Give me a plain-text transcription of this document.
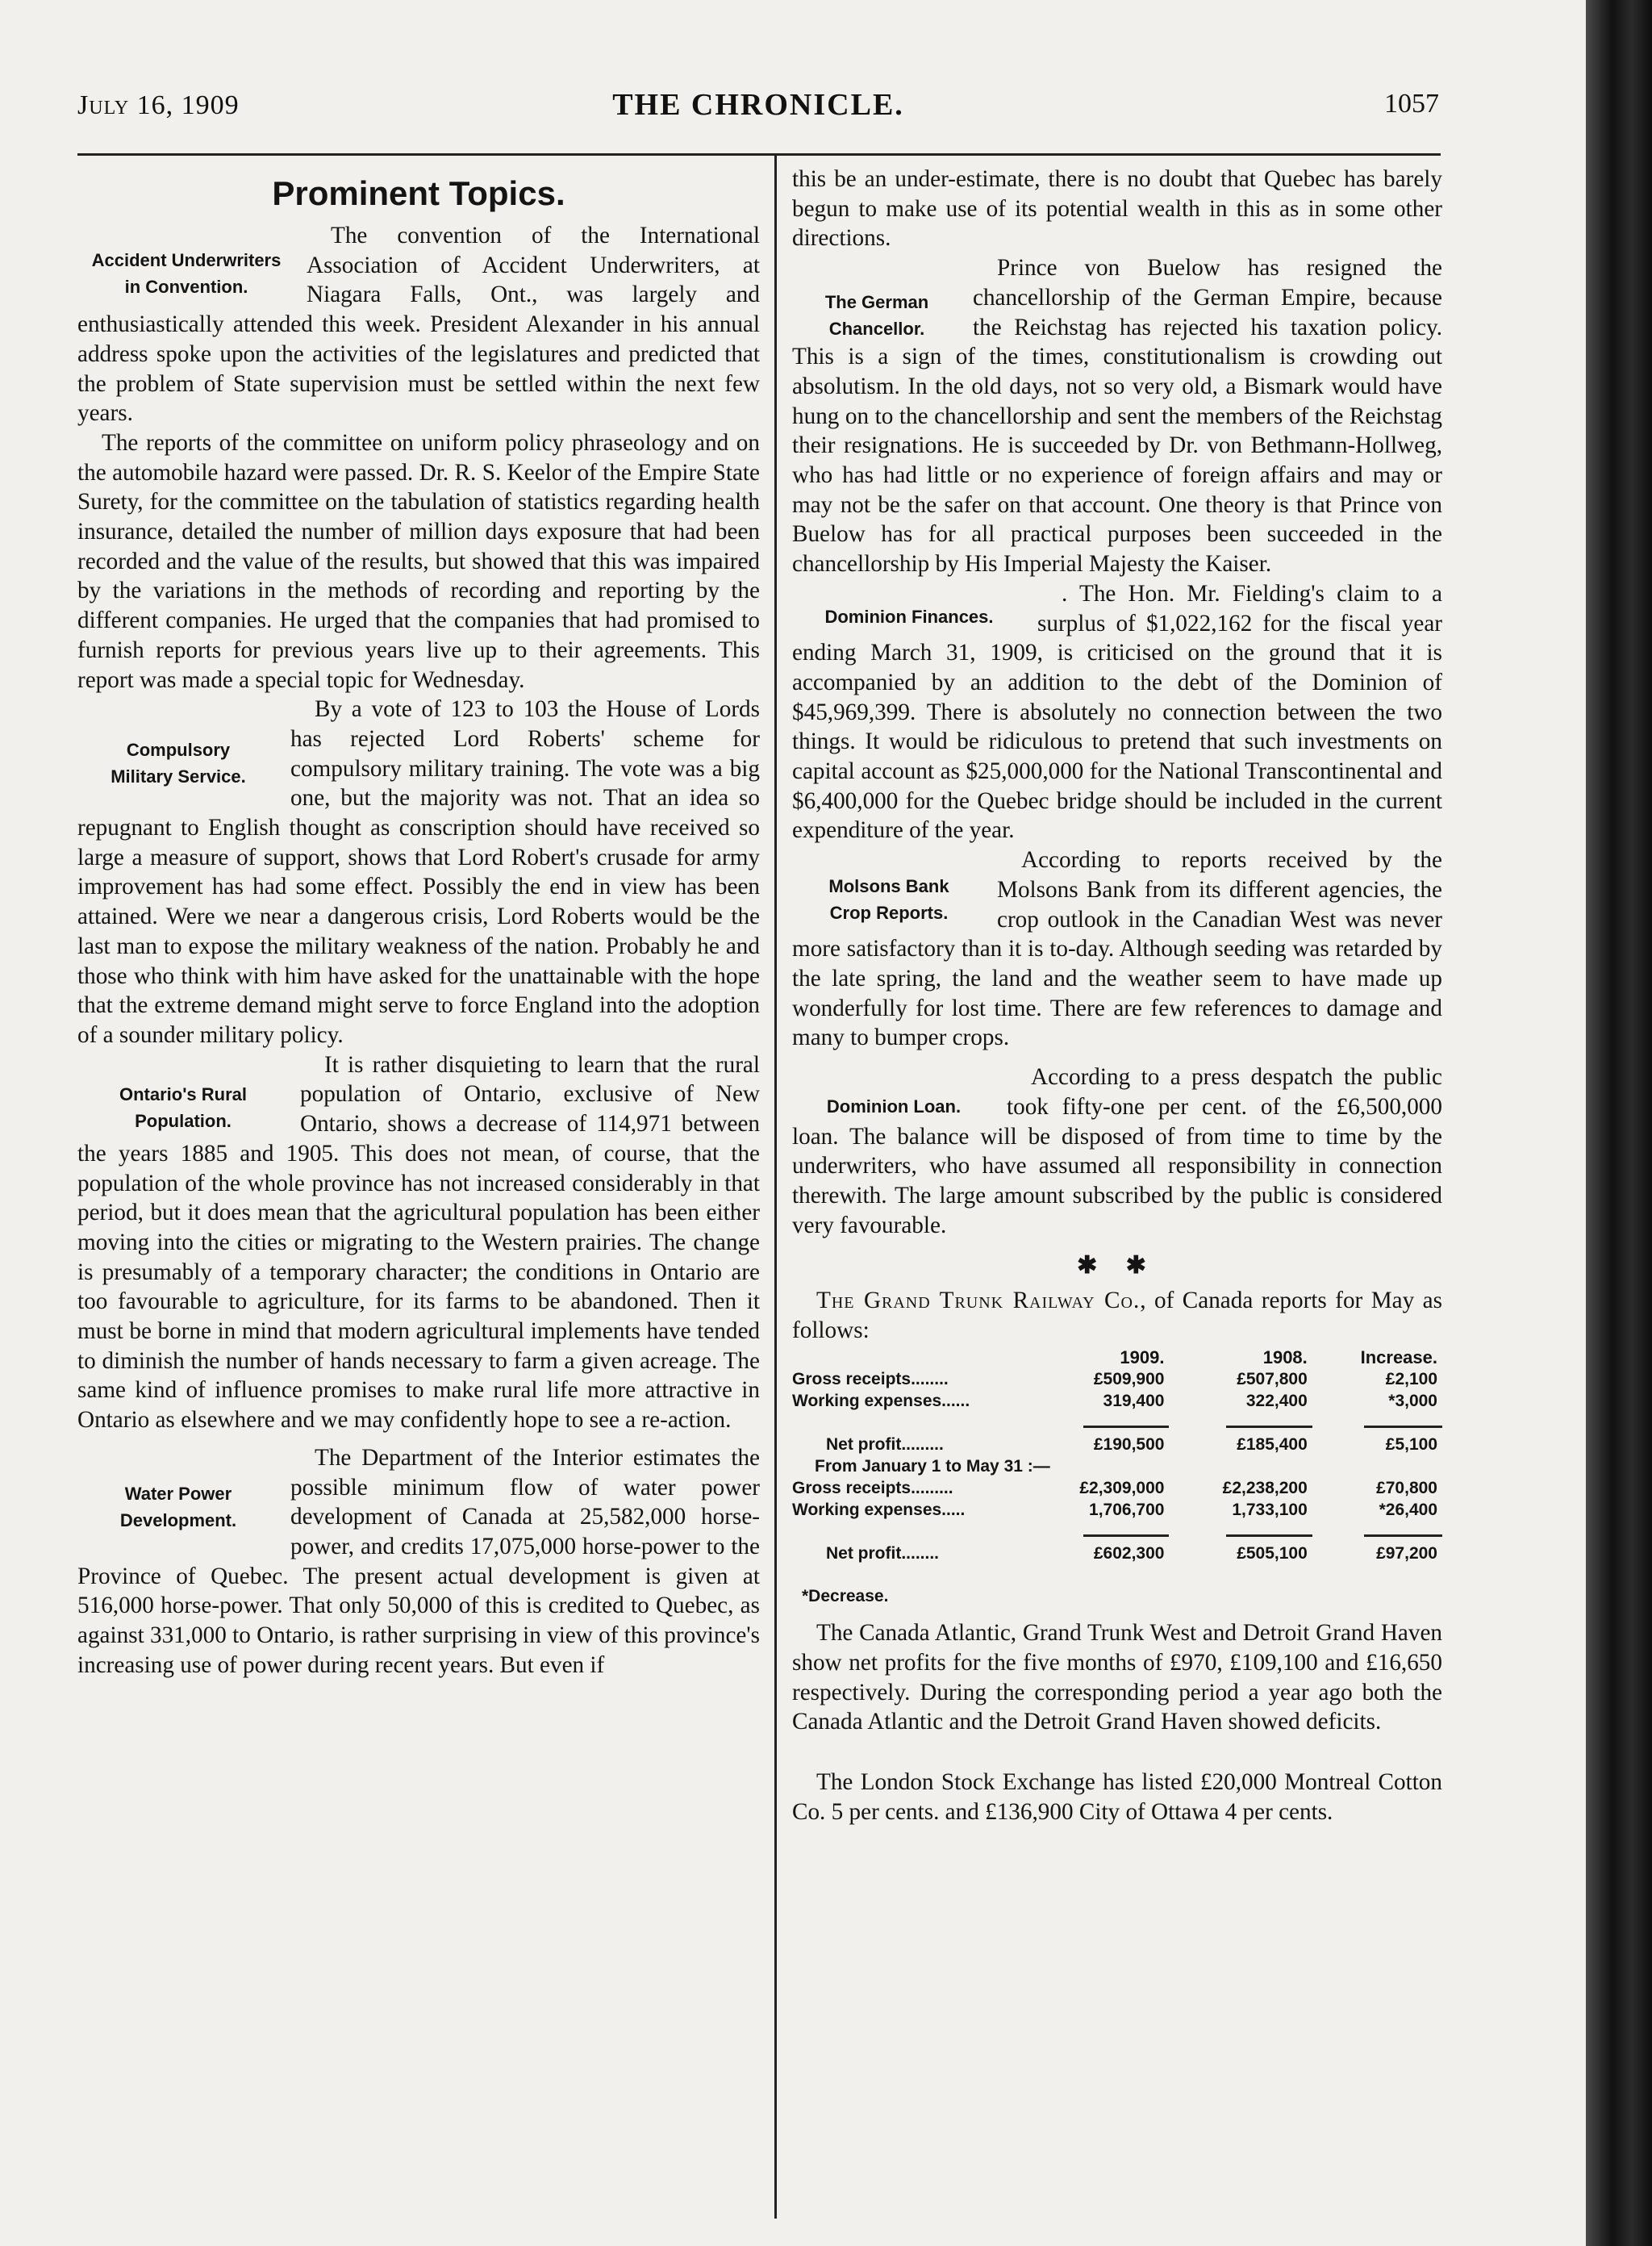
July 16, 1909	THE CHRONICLE.	1057
Prominent Topics.
Accident Underwriters
in Convention.

The convention of the International Association of Accident Underwriters, at Niagara Falls, Ont., was largely and enthusiastically attended this week. President Alexander in his annual address spoke upon the activities of the legislatures and predicted that the problem of State supervision must be settled within the next few years.

The reports of the committee on uniform policy phraseology and on the automobile hazard were passed. Dr. R. S. Keelor of the Empire State Surety, for the committee on the tabulation of statistics regarding health insurance, detailed the number of million days exposure that had been recorded and the value of the results, but showed that this was impaired by the variations in the methods of recording and reporting by the different companies. He urged that the companies that had promised to furnish reports for previous years live up to their agreements. This report was made a special topic for Wednesday.

Compulsory
Military Service.

By a vote of 123 to 103 the House of Lords has rejected Lord Roberts' scheme for compulsory military training. The vote was a big one, but the majority was not. That an idea so repugnant to English thought as conscription should have received so large a measure of support, shows that Lord Robert's crusade for army improvement has had some effect. Possibly the end in view has been attained. Were we near a dangerous crisis, Lord Roberts would be the last man to expose the military weakness of the nation. Probably he and those who think with him have asked for the unattainable with the hope that the extreme demand might serve to force England into the adoption of a sounder military policy.

Ontario's Rural
Population.

It is rather disquieting to learn that the rural population of Ontario, exclusive of New Ontario, shows a decrease of 114,971 between the years 1885 and 1905. This does not mean, of course, that the population of the whole province has not increased considerably in that period, but it does mean that the agricultural population has been either moving into the cities or migrating to the Western prairies. The change is presumably of a temporary character; the conditions in Ontario are too favourable to agriculture, for its farms to be abandoned. Then it must be borne in mind that modern agricultural implements have tended to diminish the number of hands necessary to farm a given acreage. The same kind of influence promises to make rural life more attractive in Ontario as elsewhere and we may confidently hope to see a re-action.

Water Power
Development.

The Department of the Interior estimates the possible minimum flow of water power development of Canada at 25,582,000 horse-power, and credits 17,075,000 horse-power to the Province of Quebec. The present actual development is given at 516,000 horse-power. That only 50,000 of this is credited to Quebec, as against 331,000 to Ontario, is rather surprising in view of this province's increasing use of power during recent years. But even if

this be an under-estimate, there is no doubt that Quebec has barely begun to make use of its potential wealth in this as in some other directions.

The German
Chancellor.

Prince von Buelow has resigned the chancellorship of the German Empire, because the Reichstag has rejected his taxation policy. This is a sign of the times, constitutionalism is crowding out absolutism. In the old days, not so very old, a Bismark would have hung on to the chancellorship and sent the members of the Reichstag their resignations. He is succeeded by Dr. von Bethmann-Hollweg, who has had little or no experience of foreign affairs and may or may not be the safer on that account. One theory is that Prince von Buelow has for all practical purposes been succeeded in the chancellorship by His Imperial Majesty the Kaiser.

Dominion Finances.

. The Hon. Mr. Fielding's claim to a surplus of $1,022,162 for the fiscal year ending March 31, 1909, is criticised on the ground that it is accompanied by an addition to the debt of the Dominion of $45,969,399. There is absolutely no connection between the two things. It would be ridiculous to pretend that such investments on capital account as $25,000,000 for the National Transcontinental and $6,400,000 for the Quebec bridge should be included in the current expenditure of the year.

Molsons Bank
Crop Reports.

According to reports received by the Molsons Bank from its different agencies, the crop outlook in the Canadian West was never more satisfactory than it is to-day. Although seeding was retarded by the late spring, the land and the weather seem to have made up wonderfully for lost time. There are few references to damage and many to bumper crops.

Dominion Loan.

According to a press despatch the public took fifty-one per cent. of the £6,500,000 loan. The balance will be disposed of from time to time by the underwriters, who have assumed all responsibility in connection therewith. The large amount subscribed by the public is considered very favourable.

✱ ✱

The Grand Trunk Railway Co., of Canada reports for May as follows:

	1909.	1908.	Increase.
Gross receipts........	£509,900	£507,800	£2,100
Working expenses......	319,400	322,400	*3,000

Net profit.........	£190,500	£185,400	£5,100
From January 1 to May 31 :—			
Gross receipts.........	£2,309,000	£2,238,200	£70,800
Working expenses.....	1,706,700	1,733,100	*26,400

Net profit........	£602,300	£505,100	£97,200
*Decrease.

The Canada Atlantic, Grand Trunk West and Detroit Grand Haven show net profits for the five months of £970, £109,100 and £16,650 respectively. During the corresponding period a year ago both the Canada Atlantic and the Detroit Grand Haven showed deficits.

The London Stock Exchange has listed £20,000 Montreal Cotton Co. 5 per cents. and £136,900 City of Ottawa 4 per cents.
